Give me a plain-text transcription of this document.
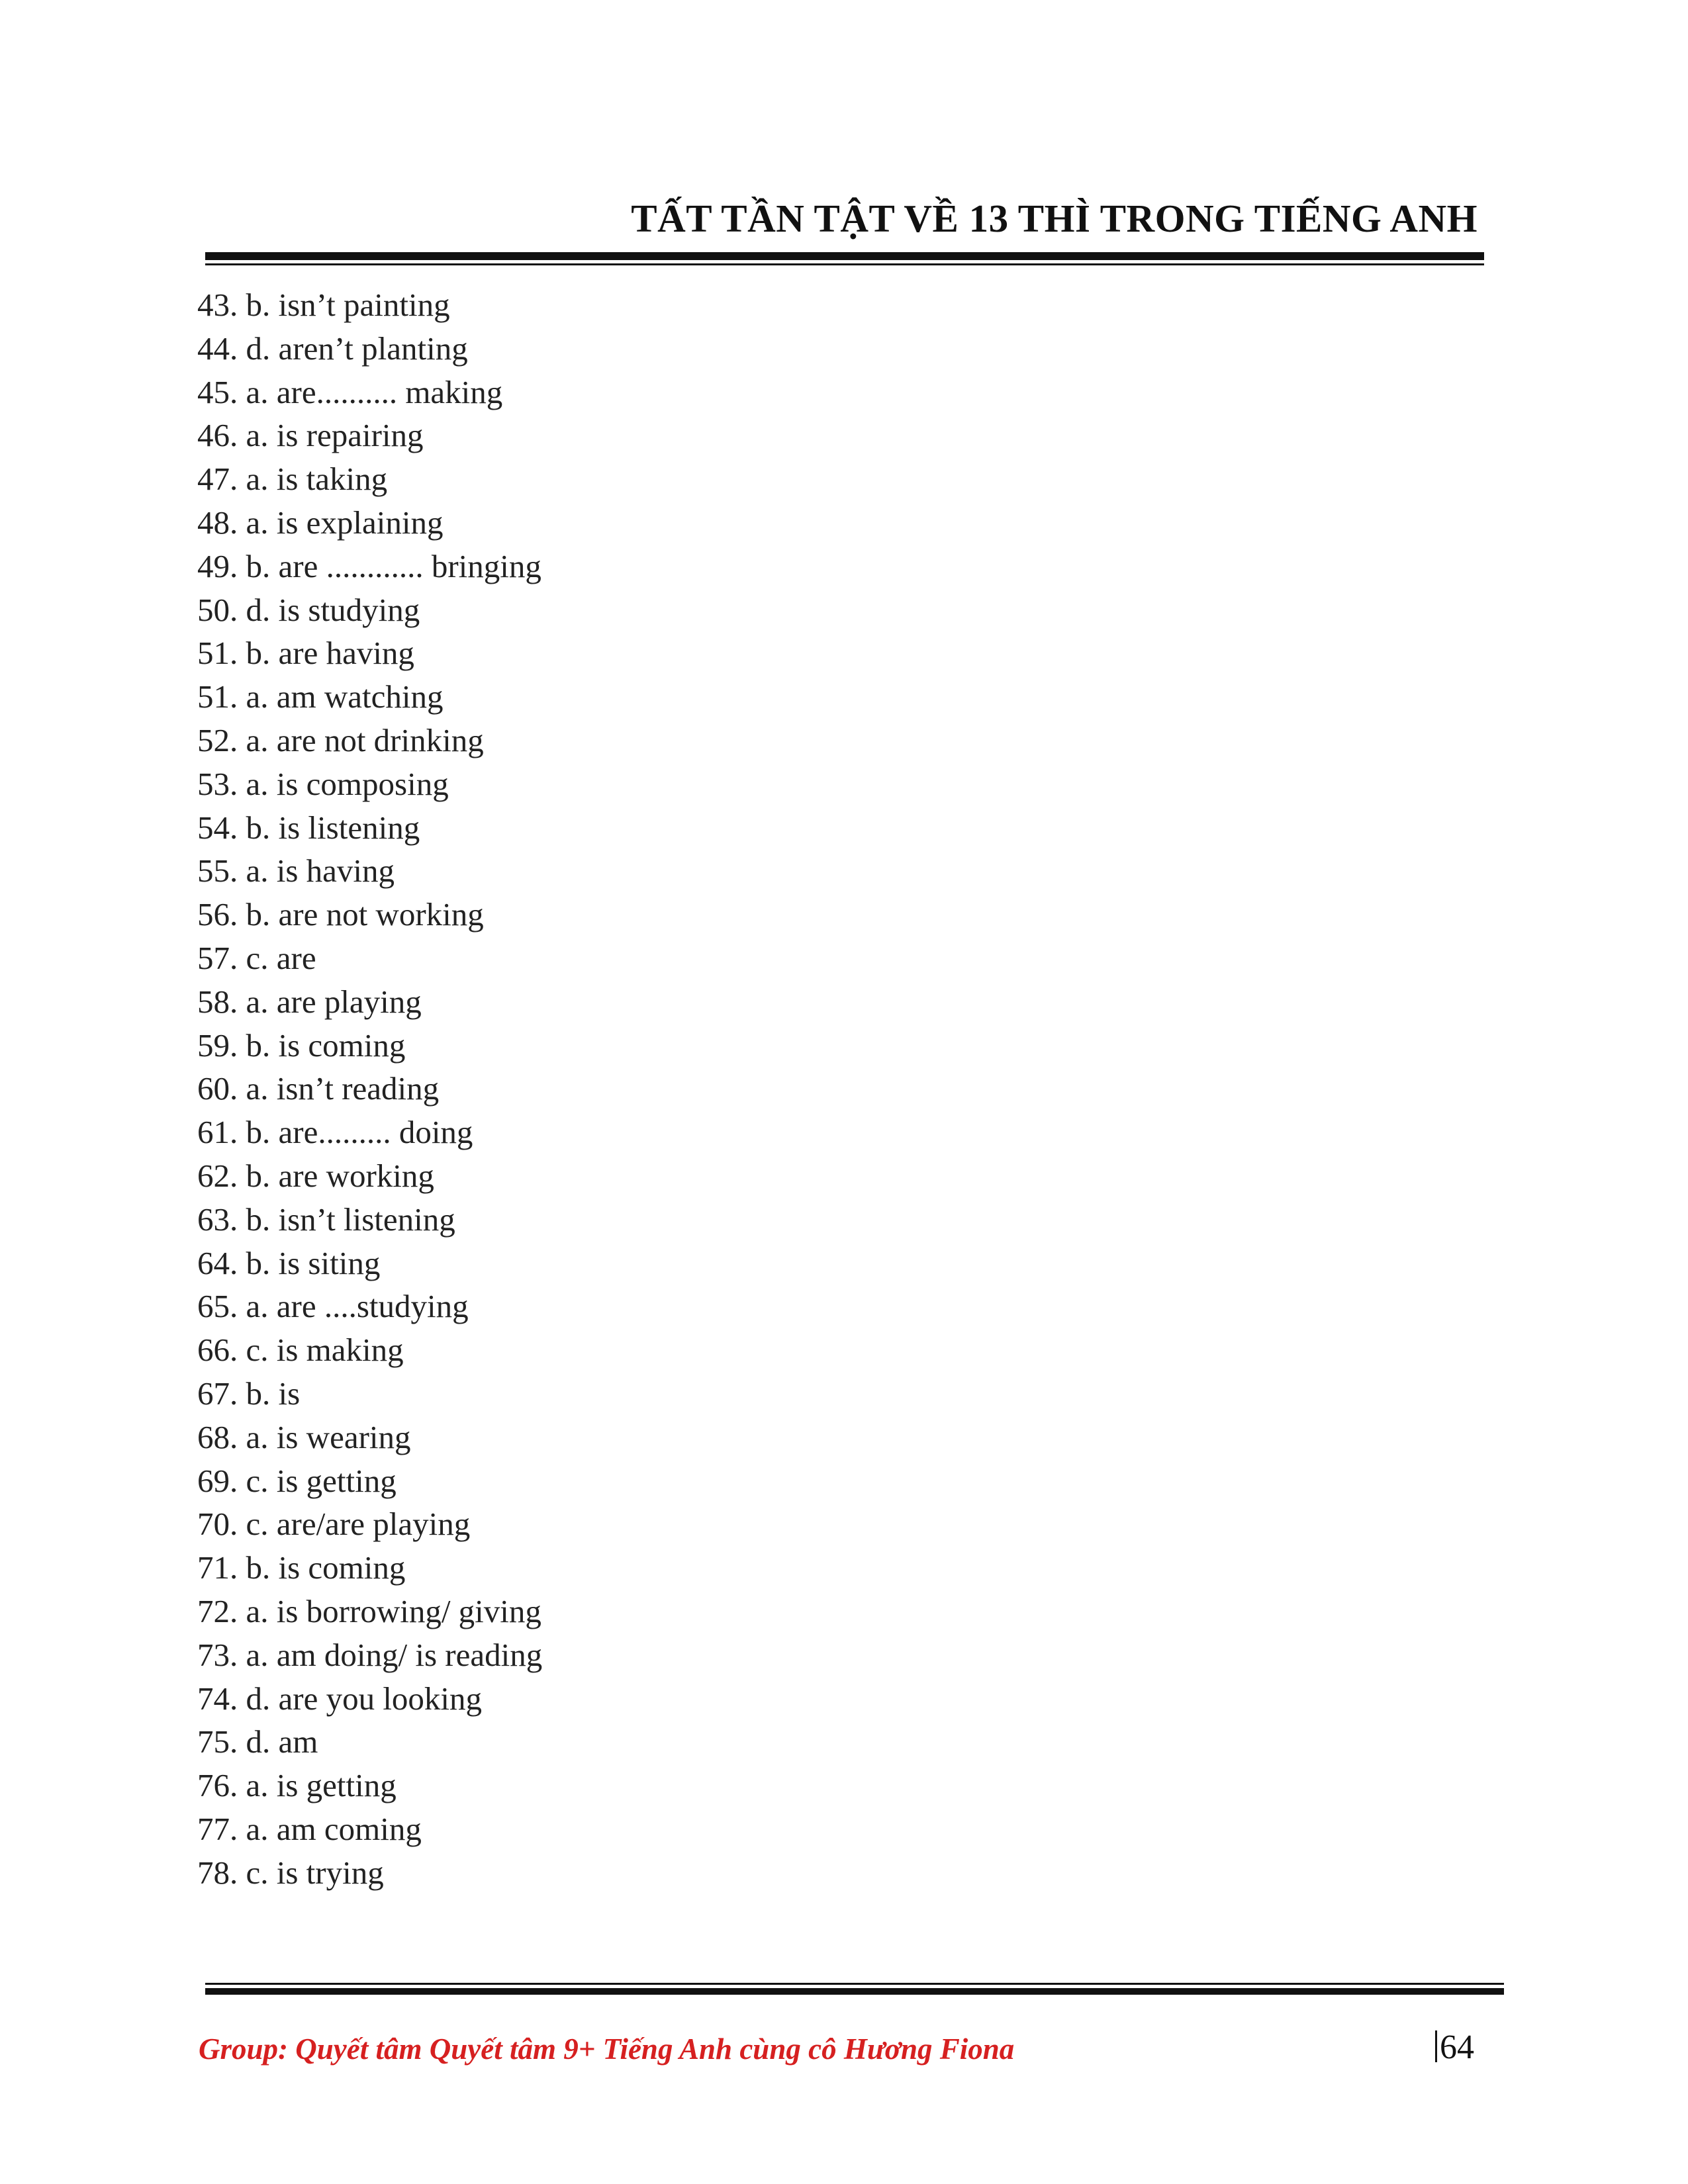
TẤT TẦN TẬT VỀ 13 THÌ TRONG TIẾNG ANH
43. b. isn’t painting
44. d. aren’t planting
45. a. are.......... making
46. a. is repairing
47. a. is taking
48. a. is explaining
49. b. are ............ bringing
50. d. is studying
51. b. are having
51. a. am watching
52. a. are not drinking
53. a. is composing
54. b. is listening
55. a. is having
56. b. are not working
57. c. are
58. a. are playing
59. b. is coming
60. a. isn’t reading
61. b. are......... doing
62. b. are working
63. b. isn’t listening
64. b. is siting
65. a. are ....studying
66. c. is making
67. b. is
68. a. is wearing
69. c. is getting
70. c. are/are playing
71. b. is coming
72. a. is borrowing/ giving
73. a. am doing/ is reading
74. d. are you looking
75. d. am
76. a. is getting
77. a. am coming
78. c. is trying
Group: Quyết tâm Quyết tâm 9+ Tiếng Anh cùng cô Hương Fiona	64
